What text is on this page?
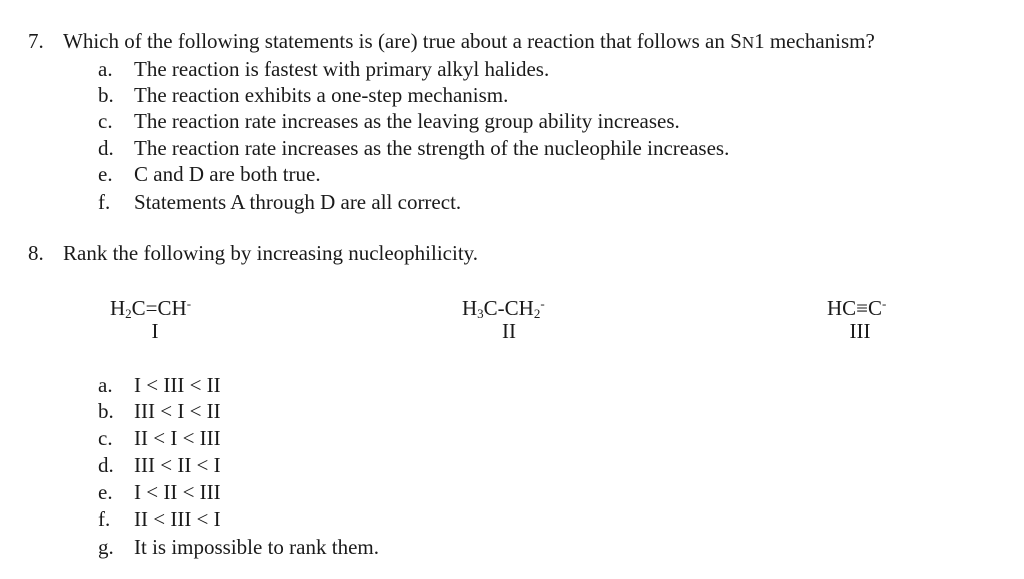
7. Which of the following statements is (are) true about a reaction that follows an SN1 mechanism?
a. The reaction is fastest with primary alkyl halides.
b. The reaction exhibits a one-step mechanism.
c. The reaction rate increases as the leaving group ability increases.
d. The reaction rate increases as the strength of the nucleophile increases.
e. C and D are both true.
f. Statements A through D are all correct.
8. Rank the following by increasing nucleophilicity.
$H_2C=CH^-$
I
$H_3C-CH_2^-$
II
HC≡C-
III
a. I < III < II
b. III < I < II
c. II < I < III
d. III < II < I
e. I < II < III
f. II < III < I
g. It is impossible to rank them.
